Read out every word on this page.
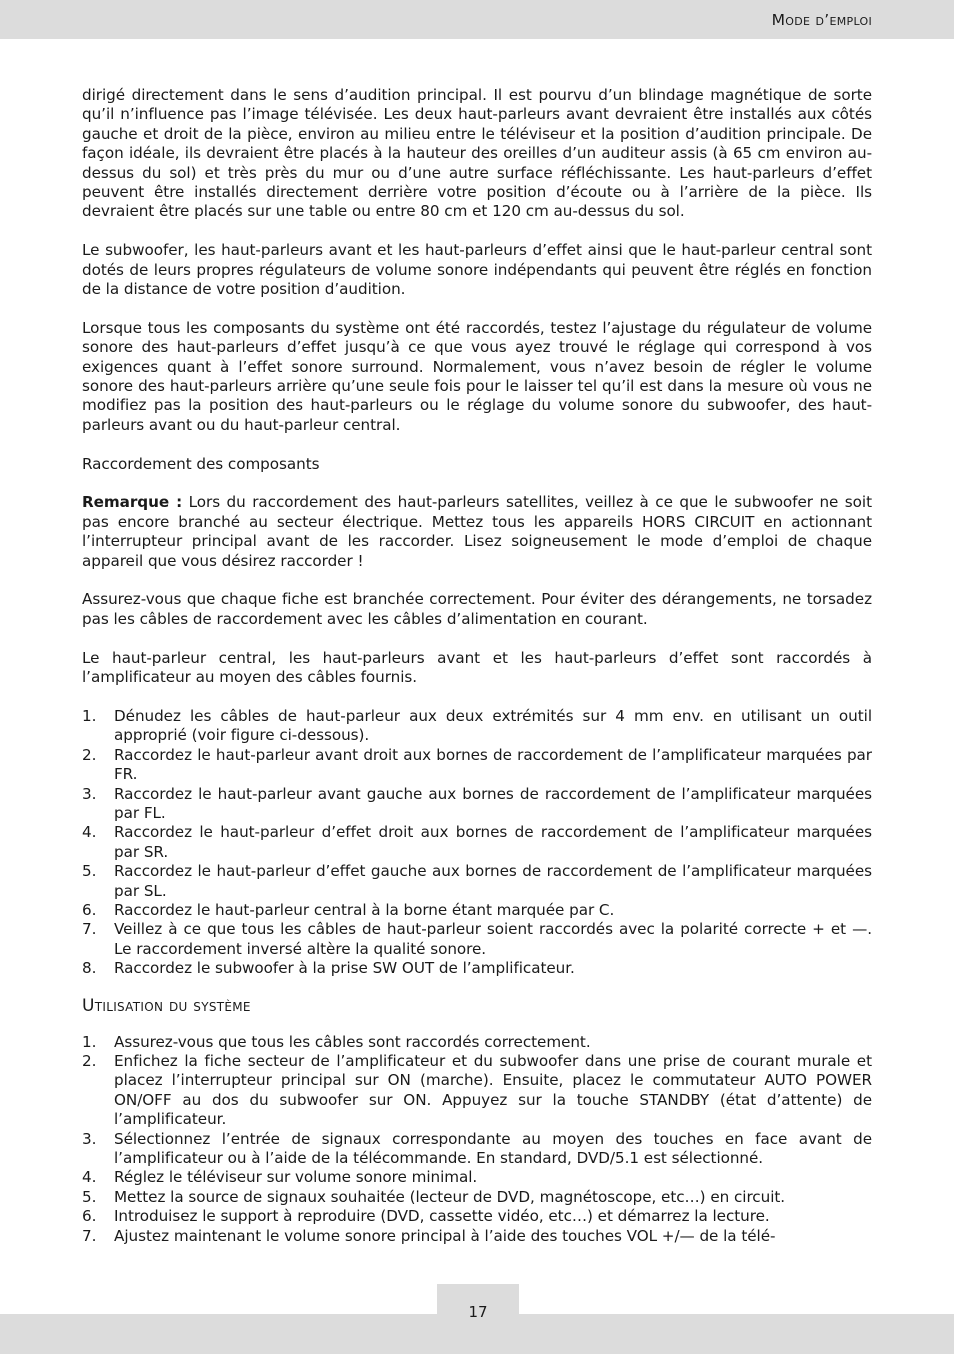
Mode d’emploi

dirigé directement dans le sens d’audition principal. Il est pourvu d’un blindage magnétique de sorte qu’il n’influence pas l’image télévisée. Les deux haut-parleurs avant devraient être installés aux côtés gauche et droit de la pièce, environ au milieu entre le téléviseur et la position d’audition principale. De façon idéale, ils devraient être placés à la hauteur des oreilles d’un auditeur assis (à 65 cm environ au-dessus du sol) et très près du mur ou d’une autre surface réfléchissante. Les haut-parleurs d’effet peuvent être installés directement derrière votre position d’écoute ou à l’arrière de la pièce. Ils devraient être placés sur une table ou entre 80 cm et 120 cm au-dessus du sol.

Le subwoofer, les haut-parleurs avant et les haut-parleurs d’effet ainsi que le haut-parleur central sont dotés de leurs propres régulateurs de volume sonore indépendants qui peuvent être réglés en fonction de la distance de votre position d’audition.

Lorsque tous les composants du système ont été raccordés, testez l’ajustage du régulateur de volume sonore des haut-parleurs d’effet jusqu’à ce que vous ayez trouvé le réglage qui correspond à vos exigences quant à l’effet sonore surround. Normalement, vous n’avez besoin de régler le volume sonore des haut-parleurs arrière qu’une seule fois pour le laisser tel qu’il est dans la mesure où vous ne modifiez pas la position des haut-parleurs ou le réglage du volume sonore du subwoofer, des haut-parleurs avant ou du haut-parleur central.

Raccordement des composants

Remarque : Lors du raccordement des haut-parleurs satellites, veillez à ce que le subwoofer ne soit pas encore branché au secteur électrique. Mettez tous les appareils HORS CIRCUIT en actionnant l’interrupteur principal avant de les raccorder. Lisez soigneusement le mode d’emploi de chaque appareil que vous désirez raccorder !

Assurez-vous que chaque fiche est branchée correctement. Pour éviter des dérangements, ne torsadez pas les câbles de raccordement avec les câbles d’alimentation en courant.

Le haut-parleur central, les haut-parleurs avant et les haut-parleurs d’effet sont raccordés à l’amplificateur au moyen des câbles fournis.

1. Dénudez les câbles de haut-parleur aux deux extrémités sur 4 mm env. en utilisant un outil approprié (voir figure ci-dessous).
2. Raccordez le haut-parleur avant droit aux bornes de raccordement de l’amplificateur marquées par FR.
3. Raccordez le haut-parleur avant gauche aux bornes de raccordement de l’amplificateur marquées par FL.
4. Raccordez le haut-parleur d’effet droit aux bornes de raccordement de l’amplificateur marquées par SR.
5. Raccordez le haut-parleur d’effet gauche aux bornes de raccordement de l’amplificateur marquées par SL.
6. Raccordez le haut-parleur central à la borne étant marquée par C.
7. Veillez à ce que tous les câbles de haut-parleur soient raccordés avec la polarité correcte + et —. Le raccordement inversé altère la qualité sonore.
8. Raccordez le subwoofer à la prise SW OUT de l’amplificateur.
Utilisation du système
1. Assurez-vous que tous les câbles sont raccordés correctement.
2. Enfichez la fiche secteur de l’amplificateur et du subwoofer dans une prise de courant murale et placez l’interrupteur principal sur ON (marche). Ensuite, placez le commutateur AUTO POWER ON/OFF au dos du subwoofer sur ON. Appuyez sur la touche STANDBY (état d’attente) de l’amplificateur.
3. Sélectionnez l’entrée de signaux correspondante au moyen des touches en face avant de l’amplificateur ou à l’aide de la télécommande. En standard, DVD/5.1 est sélectionné.
4. Réglez le téléviseur sur volume sonore minimal.
5. Mettez la source de signaux souhaitée (lecteur de DVD, magnétoscope, etc…) en circuit.
6. Introduisez le support à reproduire (DVD, cassette vidéo, etc…) et démarrez la lecture.
7. Ajustez maintenant le volume sonore principal à l’aide des touches VOL +/— de la télé-
17
